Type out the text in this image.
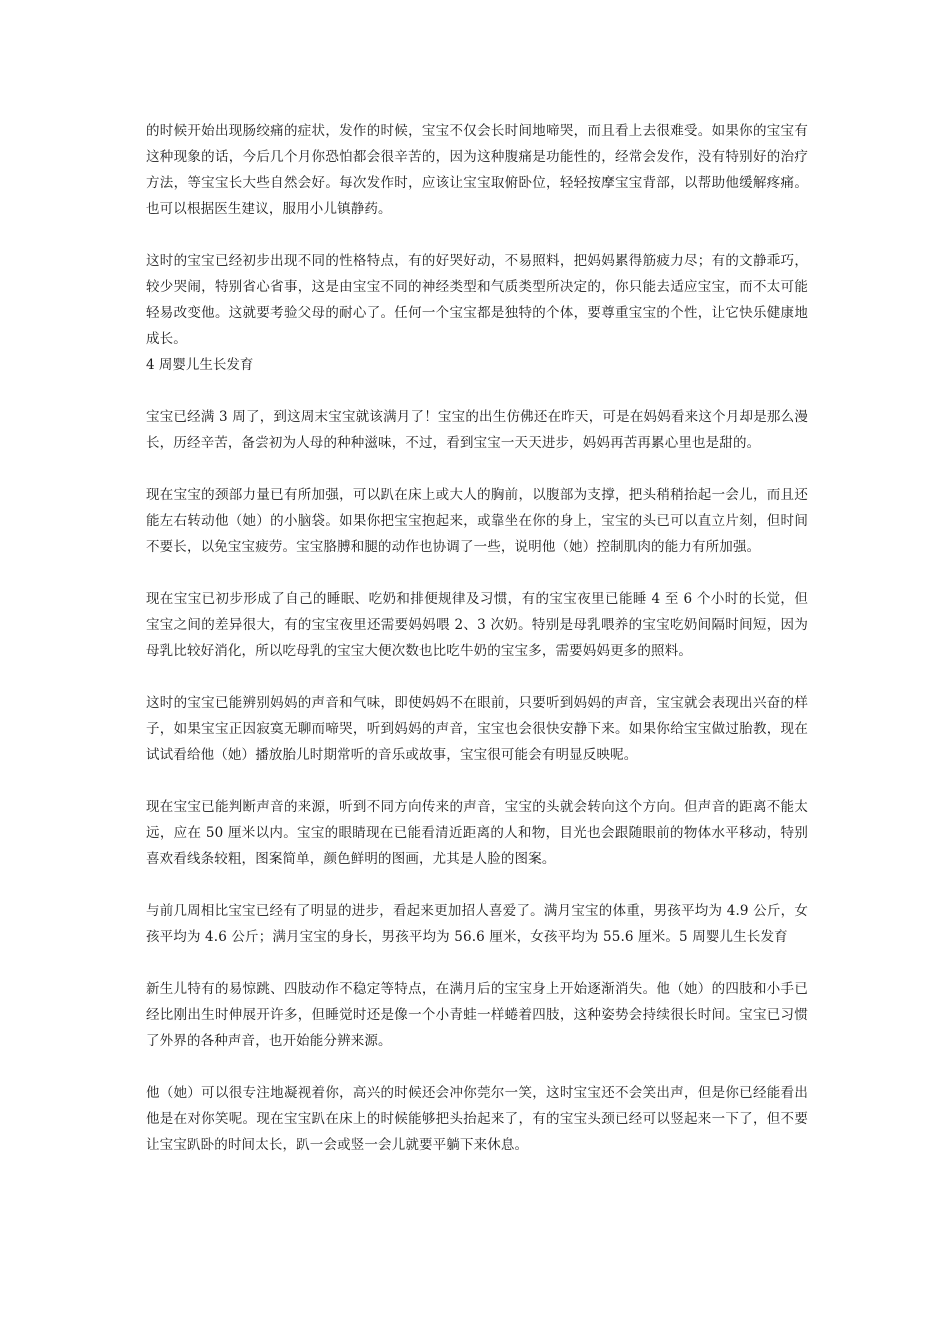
的时候开始出现肠绞痛的症状，发作的时候，宝宝不仅会长时间地啼哭，而且看上去很难受。如果你的宝宝有这种现象的话，今后几个月你恐怕都会很辛苦的，因为这种腹痛是功能性的，经常会发作，没有特别好的治疗方法，等宝宝长大些自然会好。每次发作时，应该让宝宝取俯卧位，轻轻按摩宝宝背部，以帮助他缓解疼痛。也可以根据医生建议，服用小儿镇静药。

这时的宝宝已经初步出现不同的性格特点，有的好哭好动，不易照料，把妈妈累得筋疲力尽；有的文静乖巧，较少哭闹，特别省心省事，这是由宝宝不同的神经类型和气质类型所决定的，你只能去适应宝宝，而不太可能轻易改变他。这就要考验父母的耐心了。任何一个宝宝都是独特的个体，要尊重宝宝的个性，让它快乐健康地成长。

4 周婴儿生长发育

宝宝已经满 3 周了，到这周末宝宝就该满月了！宝宝的出生仿佛还在昨天，可是在妈妈看来这个月却是那么漫长，历经辛苦，备尝初为人母的种种滋味，不过，看到宝宝一天天进步，妈妈再苦再累心里也是甜的。

现在宝宝的颈部力量已有所加强，可以趴在床上或大人的胸前，以腹部为支撑，把头稍稍抬起一会儿，而且还能左右转动他（她）的小脑袋。如果你把宝宝抱起来，或靠坐在你的身上，宝宝的头已可以直立片刻，但时间不要长，以免宝宝疲劳。宝宝胳膊和腿的动作也协调了一些，说明他（她）控制肌肉的能力有所加强。

现在宝宝已初步形成了自己的睡眠、吃奶和排便规律及习惯，有的宝宝夜里已能睡 4 至 6 个小时的长觉，但宝宝之间的差异很大，有的宝宝夜里还需要妈妈喂 2、3 次奶。特别是母乳喂养的宝宝吃奶间隔时间短，因为母乳比较好消化，所以吃母乳的宝宝大便次数也比吃牛奶的宝宝多，需要妈妈更多的照料。

这时的宝宝已能辨别妈妈的声音和气味，即使妈妈不在眼前，只要听到妈妈的声音，宝宝就会表现出兴奋的样子，如果宝宝正因寂寞无聊而啼哭，听到妈妈的声音，宝宝也会很快安静下来。如果你给宝宝做过胎教，现在试试看给他（她）播放胎儿时期常听的音乐或故事，宝宝很可能会有明显反映呢。

现在宝宝已能判断声音的来源，听到不同方向传来的声音，宝宝的头就会转向这个方向。但声音的距离不能太远，应在 50 厘米以内。宝宝的眼睛现在已能看清近距离的人和物，目光也会跟随眼前的物体水平移动，特别喜欢看线条较粗，图案简单，颜色鲜明的图画，尤其是人脸的图案。

与前几周相比宝宝已经有了明显的进步，看起来更加招人喜爱了。满月宝宝的体重，男孩平均为 4.9 公斤，女孩平均为 4.6 公斤；满月宝宝的身长，男孩平均为 56.6 厘米，女孩平均为 55.6 厘米。5 周婴儿生长发育

新生儿特有的易惊跳、四肢动作不稳定等特点，在满月后的宝宝身上开始逐渐消失。他（她）的四肢和小手已经比刚出生时伸展开许多，但睡觉时还是像一个小青蛙一样蜷着四肢，这种姿势会持续很长时间。宝宝已习惯了外界的各种声音，也开始能分辨来源。

他（她）可以很专注地凝视着你，高兴的时候还会冲你莞尔一笑，这时宝宝还不会笑出声，但是你已经能看出他是在对你笑呢。现在宝宝趴在床上的时候能够把头抬起来了，有的宝宝头颈已经可以竖起来一下了，但不要让宝宝趴卧的时间太长，趴一会或竖一会儿就要平躺下来休息。
